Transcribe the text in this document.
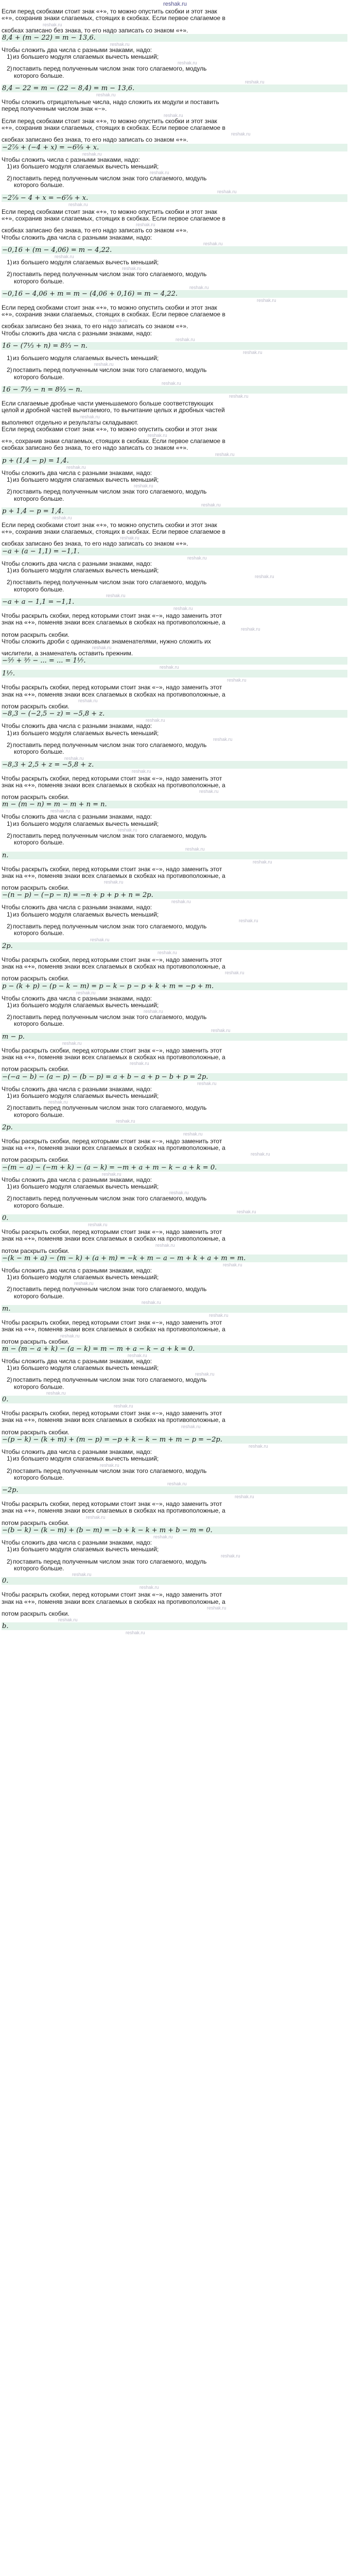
reshak.ru
Если перед скобками стоит знак «+», то можно опустить скобки и этот знак
«+», сохранив знаки слагаемых, стоящих в скобках. Если первое слагаемое в
reshak.ru
скобках записано без знака, то его надо записать со знаком «+».
8,4 + (m − 22) = m − 13,6.
reshak.ru
Чтобы сложить два числа с разными знаками, надо:
1)из большего модуля слагаемых вычесть меньший;
reshak.ru
2)поставить перед полученным числом знак того слагаемого, модуль
которого больше.
reshak.ru
8,4 − 22 = m − (22 − 8,4) = m − 13,6.
reshak.ru
Чтобы сложить отрицательные числа, надо сложить их модули и поставить
перед полученным числом знак «−».
reshak.ru
Если перед скобками стоит знак «+», то можно опустить скобки и этот знак
«+», сохранив знаки слагаемых, стоящих в скобках. Если первое слагаемое в
reshak.ru
скобках записано без знака, то его надо записать со знаком «+».
−2⁷⁄₉ + (−4 + x) = −6²⁄₉ + x.
reshak.ru
Чтобы сложить числа с разными знаками, надо:
1)из большего модуля слагаемых вычесть меньший;
reshak.ru
2)поставить перед полученным числом знак того слагаемого, модуль
которого больше.
reshak.ru
−2⁷⁄₉ − 4 + x = −6⁷⁄₉ + x.
reshak.ru
Если перед скобками стоит знак «+», то можно опустить скобки и этот знак
«+», сохранив знаки слагаемых, стоящих в скобках. Если первое слагаемое в
reshak.ru
скобках записано без знака, то его надо записать со знаком «+».
Чтобы сложить два числа с разными знаками, надо:
reshak.ru
−0,16 + (m − 4,06) = m − 4,22.
reshak.ru
1)из большего модуля слагаемых вычесть меньший;
reshak.ru
2)поставить перед полученным числом знак того слагаемого, модуль
которого больше.
reshak.ru
−0,16 − 4,06 + m = m − (4,06 + 0,16) = m − 4,22.
reshak.ru
Если перед скобками стоит знак «+», то можно опустить скобки и этот знак
«+», сохранив знаки слагаемых, стоящих в скобках. Если первое слагаемое в
reshak.ru
скобках записано без знака, то его надо записать со знаком «+».
Чтобы сложить два числа с разными знаками, надо:
reshak.ru
16 − (7¹⁄₃ + n) = 8²⁄₃ − n.
reshak.ru
1)из большего модуля слагаемых вычесть меньший;
reshak.ru
2)поставить перед полученным числом знак того слагаемого, модуль
которого больше.
reshak.ru
16 − 7¹⁄₃ − n = 8²⁄₃ − n.
reshak.ru
Если слагаемые дробные части уменьшаемого больше соответствующих
целой и дробной частей вычитаемого, то вычитание целых и дробных частей
reshak.ru
выполняют отдельно и результаты складывают.
Если перед скобками стоит знак «+», то можно опустить скобки и этот знак
reshak.ru
«+», сохранив знаки слагаемых, стоящих в скобках. Если первое слагаемое в
скобках записано без знака, то его надо записать со знаком «+».
reshak.ru
p + (1,4 − p) = 1,4.
reshak.ru
Чтобы сложить два числа с разными знаками, надо:
1)из большего модуля слагаемых вычесть меньший;
reshak.ru
2)поставить перед полученным числом знак того слагаемого, модуль
которого больше.
reshak.ru
p + 1,4 − p = 1,4.
reshak.ru
Если перед скобками стоит знак «+», то можно опустить скобки и этот знак
«+», сохранив знаки слагаемых, стоящих в скобках. Если первое слагаемое в
reshak.ru
скобках записано без знака, то его надо записать со знаком «+».
−a + (a − 1,1) = −1,1.
reshak.ru
Чтобы сложить два числа с разными знаками, надо:
1)из большего модуля слагаемых вычесть меньший;
reshak.ru
2)поставить перед полученным числом знак того слагаемого, модуль
которого больше.
reshak.ru
−a + a − 1,1 = −1,1.
reshak.ru
Чтобы раскрыть скобки, перед которыми стоит знак «−», надо заменить этот
знак на «+», поменяв знаки всех слагаемых в скобках на противоположные, а
reshak.ru
потом раскрыть скобки.
Чтобы сложить дроби с одинаковыми знаменателями, нужно сложить их
reshak.ru
числители, а знаменатель оставить прежним.
−⁵⁄₇ + ³⁄₇ − ... = ... = 1¹⁄₇.
reshak.ru
1¹⁄₇.
reshak.ru
Чтобы раскрыть скобки, перед которыми стоит знак «−», надо заменить этот
знак на «+», поменяв знаки всех слагаемых в скобках на противоположные, а
reshak.ru
потом раскрыть скобки.
−8,3 − (−2,5 − z) = −5,8 + z.
reshak.ru
Чтобы сложить два числа с разными знаками, надо:
1)из большего модуля слагаемых вычесть меньший;
reshak.ru
2)поставить перед полученным числом знак того слагаемого, модуль
которого больше.
reshak.ru
−8,3 + 2,5 + z = −5,8 + z.
reshak.ru
Чтобы раскрыть скобки, перед которыми стоит знак «−», надо заменить этот
знак на «+», поменяв знаки всех слагаемых в скобках на противоположные, а
reshak.ru
потом раскрыть скобки.
m − (m − n) = m − m + n = n.
reshak.ru
Чтобы сложить два числа с разными знаками, надо:
1)из большего модуля слагаемых вычесть меньший;
reshak.ru
2)поставить перед полученным числом знак того слагаемого, модуль
которого больше.
reshak.ru
n.
reshak.ru
Чтобы раскрыть скобки, перед которыми стоит знак «−», надо заменить этот
знак на «+», поменяв знаки всех слагаемых в скобках на противоположные, а
reshak.ru
потом раскрыть скобки.
−(n − p) − (−p − n) = −n + p + p + n = 2p.
reshak.ru
Чтобы сложить два числа с разными знаками, надо:
1)из большего модуля слагаемых вычесть меньший;
reshak.ru
2)поставить перед полученным числом знак того слагаемого, модуль
которого больше.
reshak.ru
2p.
reshak.ru
Чтобы раскрыть скобки, перед которыми стоит знак «−», надо заменить этот
знак на «+», поменяв знаки всех слагаемых в скобках на противоположные, а
reshak.ru
потом раскрыть скобки.
p − (k + p) − (p − k − m) = p − k − p − p + k + m = −p + m.
reshak.ru
Чтобы сложить два числа с разными знаками, надо:
1)из большего модуля слагаемых вычесть меньший;
reshak.ru
2)поставить перед полученным числом знак того слагаемого, модуль
которого больше.
reshak.ru
m − p.
reshak.ru
Чтобы раскрыть скобки, перед которыми стоит знак «−», надо заменить этот
знак на «+», поменяв знаки всех слагаемых в скобках на противоположные, а
reshak.ru
потом раскрыть скобки.
−(−a − b) − (a − p) − (b − p) = a + b − a + p − b + p = 2p.
reshak.ru
Чтобы сложить два числа с разными знаками, надо:
1)из большего модуля слагаемых вычесть меньший;
reshak.ru
2)поставить перед полученным числом знак того слагаемого, модуль
которого больше.
reshak.ru
2p.
reshak.ru
Чтобы раскрыть скобки, перед которыми стоит знак «−», надо заменить этот
знак на «+», поменяв знаки всех слагаемых в скобках на противоположные, а
reshak.ru
потом раскрыть скобки.
−(m − a) − (−m + k) − (a − k) = −m + a + m − k − a + k = 0.
reshak.ru
Чтобы сложить два числа с разными знаками, надо:
1)из большего модуля слагаемых вычесть меньший;
reshak.ru
2)поставить перед полученным числом знак того слагаемого, модуль
которого больше.
reshak.ru
0.
reshak.ru
Чтобы раскрыть скобки, перед которыми стоит знак «−», надо заменить этот
знак на «+», поменяв знаки всех слагаемых в скобках на противоположные, а
reshak.ru
потом раскрыть скобки.
−(k − m + a) − (m − k) + (a + m) = −k + m − a − m + k + a + m = m.
reshak.ru
Чтобы сложить два числа с разными знаками, надо:
1)из большего модуля слагаемых вычесть меньший;
reshak.ru
2)поставить перед полученным числом знак того слагаемого, модуль
которого больше.
reshak.ru
m.
reshak.ru
Чтобы раскрыть скобки, перед которыми стоит знак «−», надо заменить этот
знак на «+», поменяв знаки всех слагаемых в скобках на противоположные, а
reshak.ru
потом раскрыть скобки.
m − (m − a + k) − (a − k) = m − m + a − k − a + k = 0.
reshak.ru
Чтобы сложить два числа с разными знаками, надо:
1)из большего модуля слагаемых вычесть меньший;
reshak.ru
2)поставить перед полученным числом знак того слагаемого, модуль
которого больше.
reshak.ru
0.
reshak.ru
Чтобы раскрыть скобки, перед которыми стоит знак «−», надо заменить этот
знак на «+», поменяв знаки всех слагаемых в скобках на противоположные, а
reshak.ru
потом раскрыть скобки.
−(p − k) − (k + m) + (m − p) = −p + k − k − m + m − p = −2p.
reshak.ru
Чтобы сложить два числа с разными знаками, надо:
1)из большего модуля слагаемых вычесть меньший;
reshak.ru
2)поставить перед полученным числом знак того слагаемого, модуль
которого больше.
reshak.ru
−2p.
reshak.ru
Чтобы раскрыть скобки, перед которыми стоит знак «−», надо заменить этот
знак на «+», поменяв знаки всех слагаемых в скобках на противоположные, а
reshak.ru
потом раскрыть скобки.
−(b − k) − (k − m) + (b − m) = −b + k − k + m + b − m = 0.
reshak.ru
Чтобы сложить два числа с разными знаками, надо:
1)из большего модуля слагаемых вычесть меньший;
reshak.ru
2)поставить перед полученным числом знак того слагаемого, модуль
которого больше.
reshak.ru
0.
reshak.ru
Чтобы раскрыть скобки, перед которыми стоит знак «−», надо заменить этот
знак на «+», поменяв знаки всех слагаемых в скобках на противоположные, а
reshak.ru
потом раскрыть скобки.
reshak.ru
b.
reshak.ru
